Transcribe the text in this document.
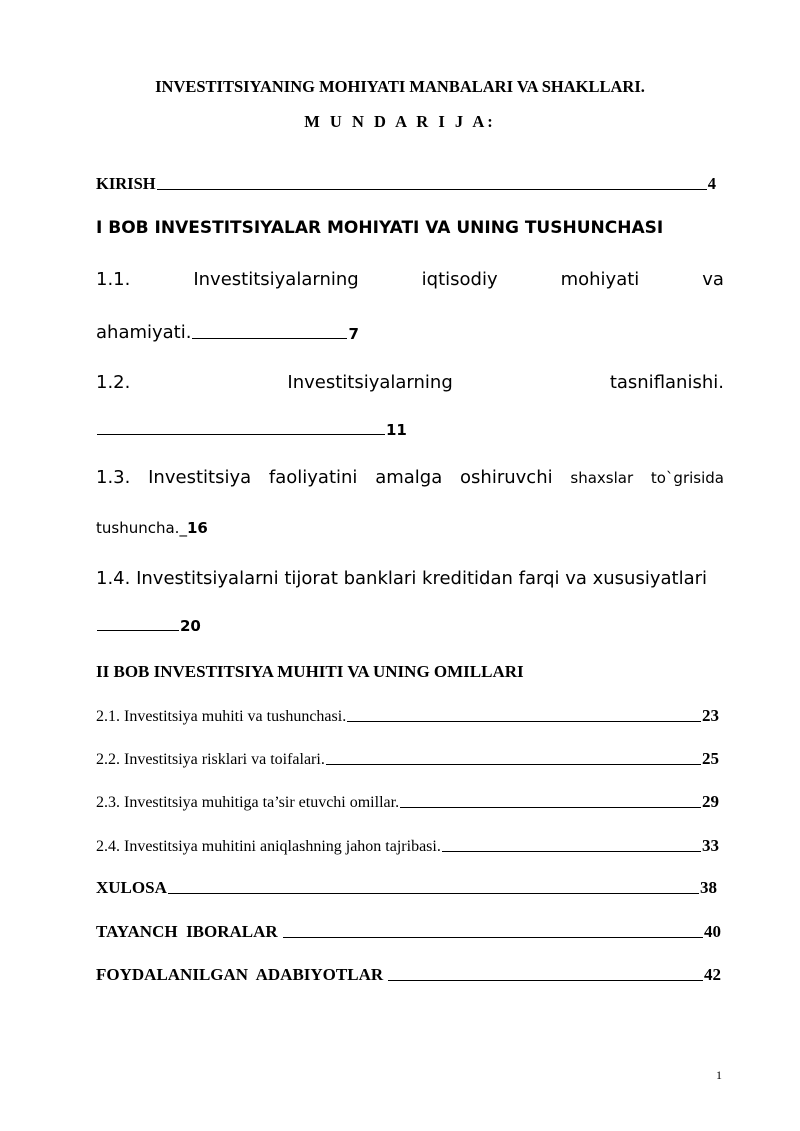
INVESTITSIYANING MOHIYATI MANBALARI VA SHAKLLARI.
M U N D A R I J A:
KIRISH	4
I BOB INVESTITSIYALAR MOHIYATI VA UNING TUSHUNCHASI
1.1.	Investitsiyalarning	iqtisodiy	mohiyati	va
ahamiyati.	7
1.2.	Investitsiyalarning	tasniflanishi.
11
1.3. Investitsiya faoliyatini amalga oshiruvchi shaxslar to`grisida
tushuncha._16
1.4. Investitsiyalarni tijorat banklari kreditidan farqi va xususiyatlari
20
II BOB INVESTITSIYA MUHITI VA UNING OMILLARI
2.1. Investitsiya muhiti va tushunchasi.	23
2.2. Investitsiya risklari va toifalari.	25
2.3. Investitsiya muhitiga ta’sir etuvchi omillar.	29
2.4. Investitsiya muhitini aniqlashning jahon tajribasi.	33
XULOSA	38
TAYANCH  IBORALAR	40
FOYDALANILGAN  ADABIYOTLAR	42
1
